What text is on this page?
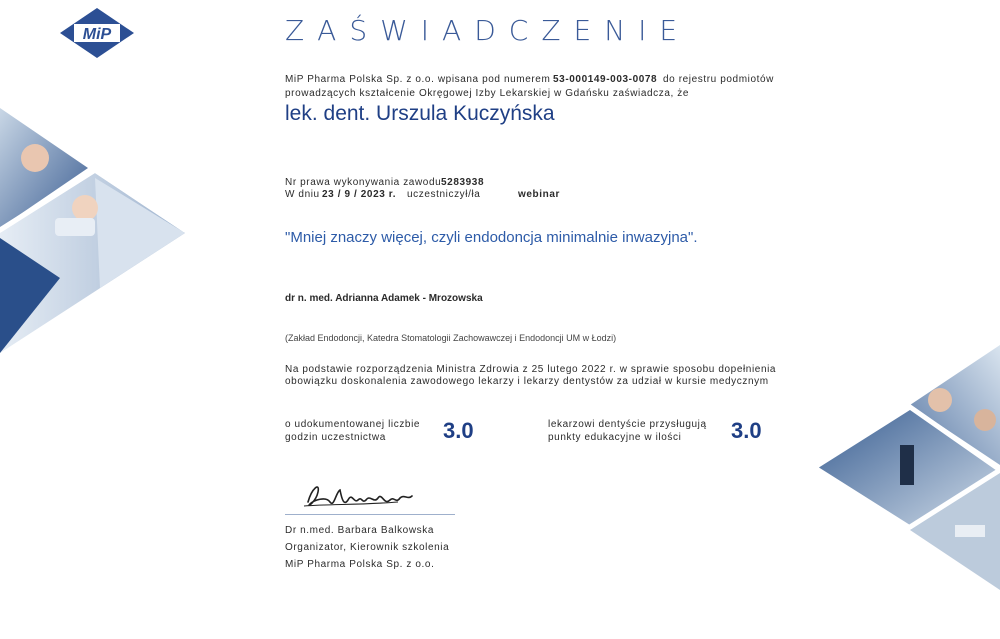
MiP	ZAŚWIADCZENIE
MiP Pharma Polska Sp. z o.o. wpisana pod numerem 53-000149-003-0078 do rejestru podmiotów
prowadzących kształcenie Okręgowej Izby Lekarskiej w Gdańsku zaświadcza, że
lek. dent. Urszula Kuczyńska
Nr prawa wykonywania zawodu 5283938
W dniu 23 / 9 / 2023 r. uczestniczył/ła	webinar
"Mniej znaczy więcej, czyli endodoncja minimalnie inwazyjna".
dr n. med. Adrianna Adamek - Mrozowska
(Zakład Endodoncji, Katedra Stomatologii Zachowawczej i Endodoncji UM w Łodzi)
Na podstawie rozporządzenia Ministra Zdrowia z 25 lutego 2022 r. w sprawie sposobu dopełnienia
obowiązku doskonalenia zawodowego lekarzy i lekarzy dentystów za udział w kursie medycznym
o udokumentowanej liczbie
godzin uczestnictwa	3.0	lekarzowi dentyście przysługują
punkty edukacyjne w ilości 3.0
Dr n.med. Barbara Balkowska
Organizator, Kierownik szkolenia
MiP Pharma Polska Sp. z o.o.
